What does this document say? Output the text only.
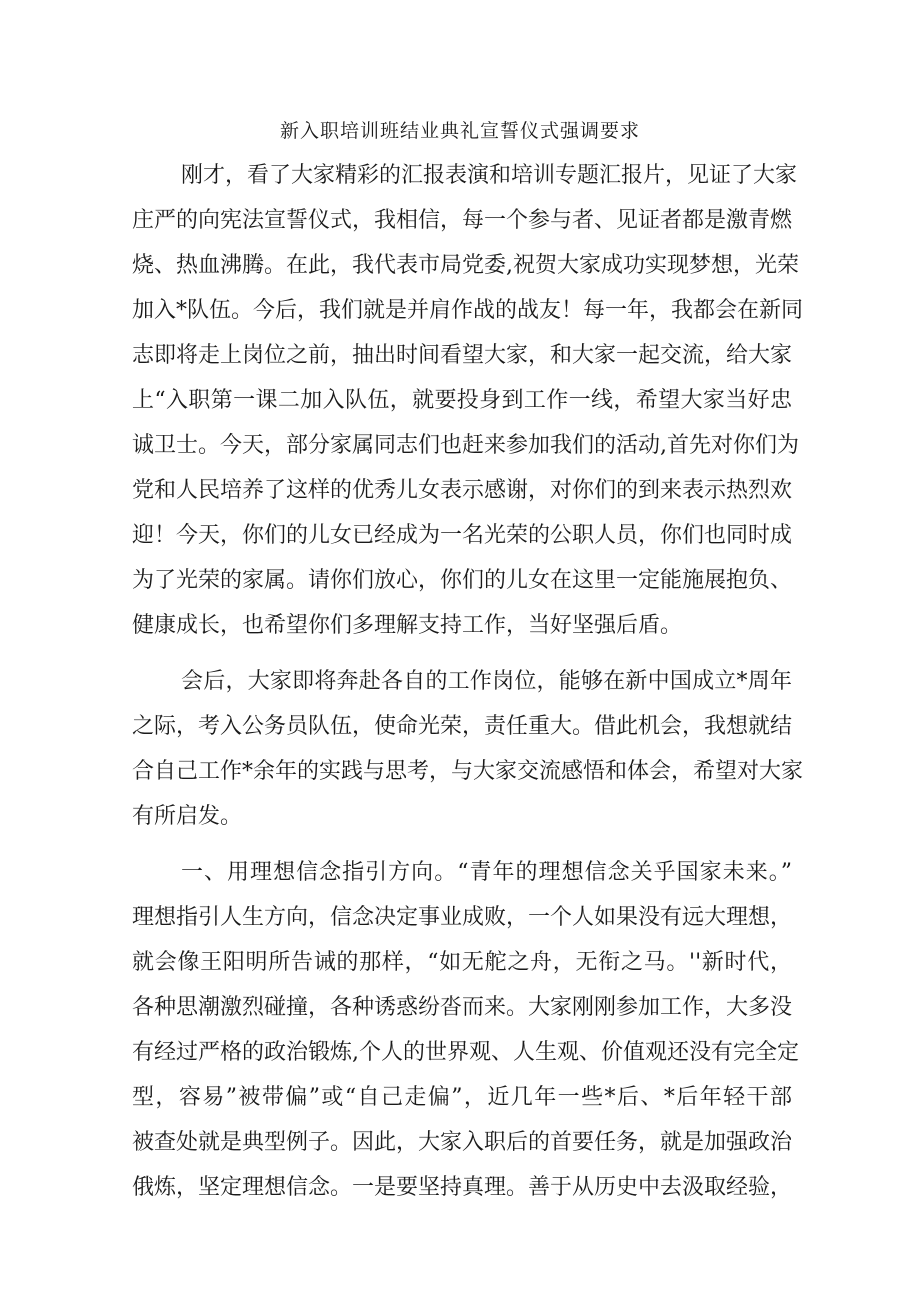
新入职培训班结业典礼宣誓仪式强调要求
刚才，看了大家精彩的汇报表演和培训专题汇报片，见证了大家
庄严的向宪法宣誓仪式，我相信，每一个参与者、见证者都是激青燃
烧、热血沸腾。在此，我代表市局党委,祝贺大家成功实现梦想，光荣
加入*队伍。今后，我们就是并肩作战的战友！每一年，我都会在新同
志即将走上岗位之前，抽出时间看望大家，和大家一起交流，给大家
上“入职第一课二加入队伍，就要投身到工作一线，希望大家当好忠
诚卫士。今天，部分家属同志们也赶来参加我们的活动,首先对你们为
党和人民培养了这样的优秀儿女表示感谢，对你们的到来表示热烈欢
迎！今天，你们的儿女已经成为一名光荣的公职人员，你们也同时成
为了光荣的家属。请你们放心，你们的儿女在这里一定能施展抱负、
健康成长，也希望你们多理解支持工作，当好坚强后盾。
会后，大家即将奔赴各自的工作岗位，能够在新中国成立*周年
之际，考入公务员队伍，使命光荣，责任重大。借此机会，我想就结
合自己工作*余年的实践与思考，与大家交流感悟和体会，希望对大家
有所启发。
一、用理想信念指引方向。“青年的理想信念关乎国家未来。”
理想指引人生方向，信念决定事业成败，一个人如果没有远大理想，
就会像王阳明所告诫的那样，“如无舵之舟，无衔之马。''新时代，
各种思潮激烈碰撞，各种诱惑纷沓而来。大家刚刚参加工作，大多没
有经过严格的政治锻炼,个人的世界观、人生观、价值观还没有完全定
型，容易”被带偏”或“自己走偏”，近几年一些*后、*后年轻干部
被查处就是典型例子。因此，大家入职后的首要任务，就是加强政治
俄炼，坚定理想信念。一是要坚持真理。善于从历史中去汲取经验，
